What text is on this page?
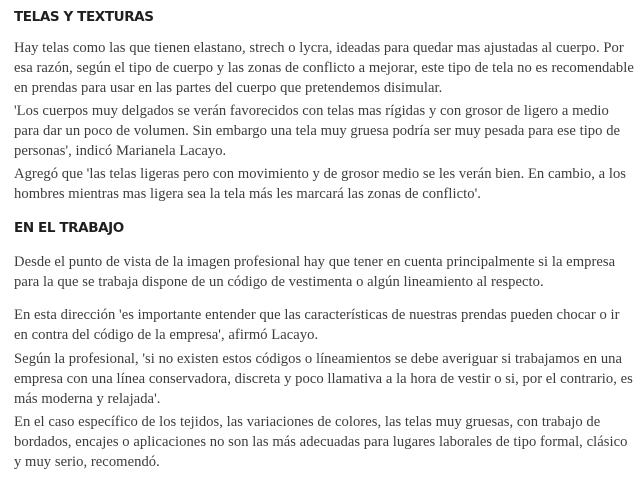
TELAS Y TEXTURAS

Hay telas como las que tienen elastano, strech o lycra, ideadas para quedar mas ajustadas al cuerpo. Por esa razón, según el tipo de cuerpo y las zonas de conflicto a mejorar, este tipo de tela no es recomendable en prendas para usar en las partes del cuerpo que pretendemos disimular.

'Los cuerpos muy delgados se verán favorecidos con telas mas rígidas y con grosor de ligero a medio para dar un poco de volumen. Sin embargo una tela muy gruesa podría ser muy pesada para ese tipo de personas', indicó Marianela Lacayo.

Agregó que 'las telas ligeras pero con movimiento y de grosor medio se les verán bien. En cambio, a los hombres mientras mas ligera sea la tela más les marcará las zonas de conflicto'.

EN EL TRABAJO

Desde el punto de vista de la imagen profesional hay que tener en cuenta principalmente si la empresa para la que se trabaja dispone de un código de vestimenta o algún lineamiento al respecto.

En esta dirección 'es importante entender que las características de nuestras prendas pueden chocar o ir en contra del código de la empresa', afirmó Lacayo.

Según la profesional, 'si no existen estos códigos o líneamientos se debe averiguar si trabajamos en una empresa con una línea conservadora, discreta y poco llamativa a la hora de vestir o si, por el contrario, es más moderna y relajada'.

En el caso específico de los tejidos, las variaciones de colores, las telas muy gruesas, con trabajo de bordados, encajes o aplicaciones no son las más adecuadas para lugares laborales de tipo formal, clásico y muy serio, recomendó.
